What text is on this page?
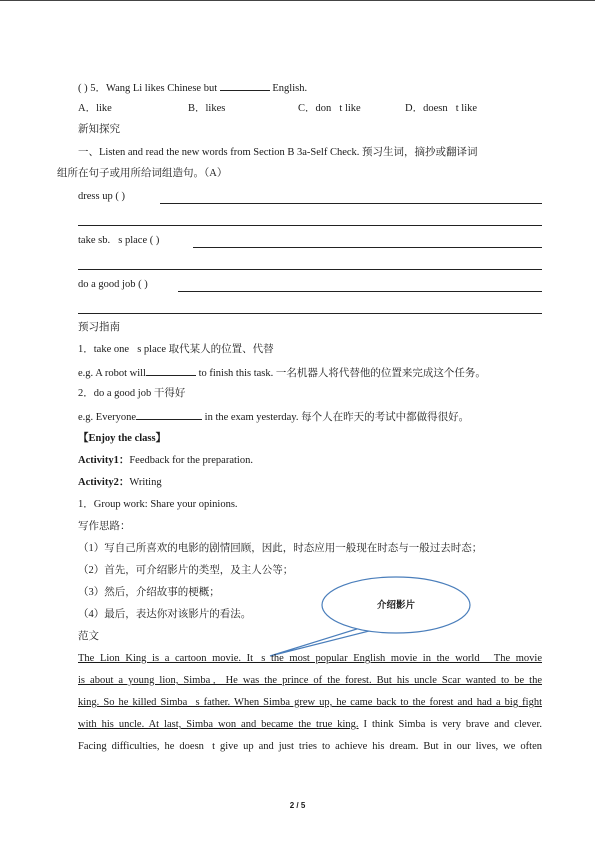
( ) 5．Wang Li likes Chinese but	English.
A．like	B．likes	C．don t like	D．doesn t like
新知探究
一、Listen and read the new words from Section B 3a-Self Check. 预习生词，摘抄或翻译词
组所在句子或用所给词组造句。（A）
dress up ( )
take sb. s place ( )
do a good job ( )
预习指南
1．take one s place 取代某人的位置、代替
e.g. A robot will	to finish this task. 一名机器人将代替他的位置来完成这个任务。
2．do a good job 干得好
e.g. Everyone	in the exam yesterday. 每个人在昨天的考试中都做得很好。
【Enjoy the class】
Activity1：Feedback for the preparation.
Activity2：Writing
1．Group work: Share your opinions.
写作思路：
（1）写自己所喜欢的电影的剧情回顾，因此，时态应用一般现在时态与一般过去时态；
（2）首先，可介绍影片的类型，及主人公等；
（3）然后，介绍故事的梗概；
（4）最后，表达你对该影片的看法。
范文
介绍影片
The Lion King is a cartoon movie. It s the most popular English movie in the world．The movie
is about a young lion, Simba．He was the prince of the forest. But his uncle Scar wanted to be the
king. So he killed Simba s father. When Simba grew up, he came back to the forest and had a big fight
with his uncle. At last, Simba won and became the true king. I think Simba is very brave and clever.
Facing difficulties, he doesn t give up and just tries to achieve his dream. But in our lives, we often
2 / 5
